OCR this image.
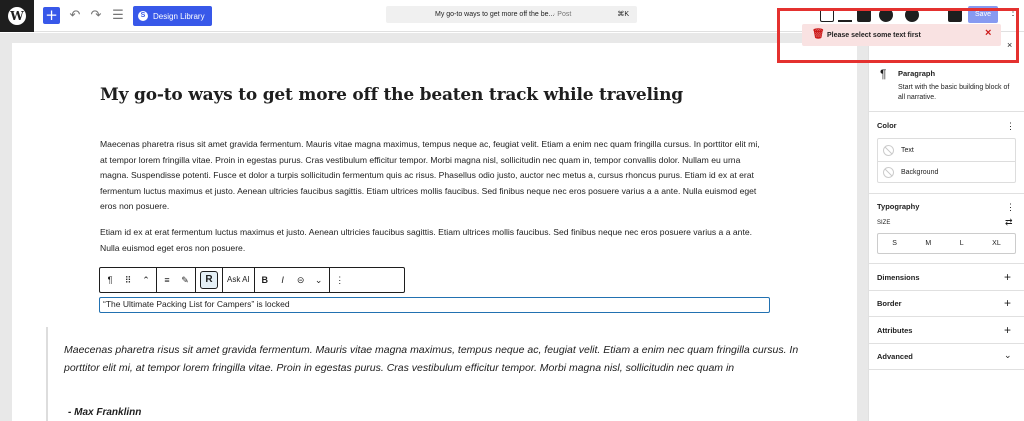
W + ↶ ↷ ☰	S Design Library	My go-to ways to get more off the be...
· Post	⌘K	Save	⋮
My go-to ways to get more off the beaten track while traveling

Maecenas pharetra risus sit amet gravida fermentum. Mauris vitae magna maximus, tempus neque ac, feugiat velit. Etiam a enim nec quam fringilla cursus. In porttitor elit mi, at tempor lorem fringilla vitae. Proin in egestas purus. Cras vestibulum efficitur tempor. Morbi magna nisl, sollicitudin nec quam in, tempor convallis dolor. Nullam eu urna magna. Suspendisse potenti. Fusce et dolor a turpis sollicitudin fermentum quis ac risus. Phasellus odio justo, auctor nec metus a, cursus rhoncus purus. Etiam id ex at erat fermentum luctus maximus et justo. Aenean ultricies faucibus sagittis. Etiam ultrices mollis faucibus. Sed finibus neque nec eros posuere varius a a ante. Nulla euismod eget eros non posuere.

Etiam id ex at erat fermentum luctus maximus et justo. Aenean ultricies faucibus sagittis. Etiam ultrices mollis faucibus. Sed finibus neque nec eros posuere varius a a ante. Nulla euismod eget eros non posuere.

¶	⠿	⌃	≡	✎	R	Ask AI	B	I	⊝ ⌄ ⋮
“The Ultimate Packing List for Campers” is locked

Maecenas pharetra risus sit amet gravida fermentum. Mauris vitae magna maximus, tempus neque ac, feugiat velit. Etiam a enim nec quam fringilla cursus. In porttitor elit mi, at tempor lorem fringilla vitae. Proin in egestas purus. Cras vestibulum efficitur tempor. Morbi magna nisl, sollicitudin nec quam in

- Max Franklinn

×
¶ Paragraph
Start with the basic building block of all narrative.
Color	⋮
Text
Background
Typography	⋮
SIZE	⇄
S	M	L	XL
Dimensions	+
Border	+
Attributes	+
Advanced	⌄
🗑 Please select some text first	×
